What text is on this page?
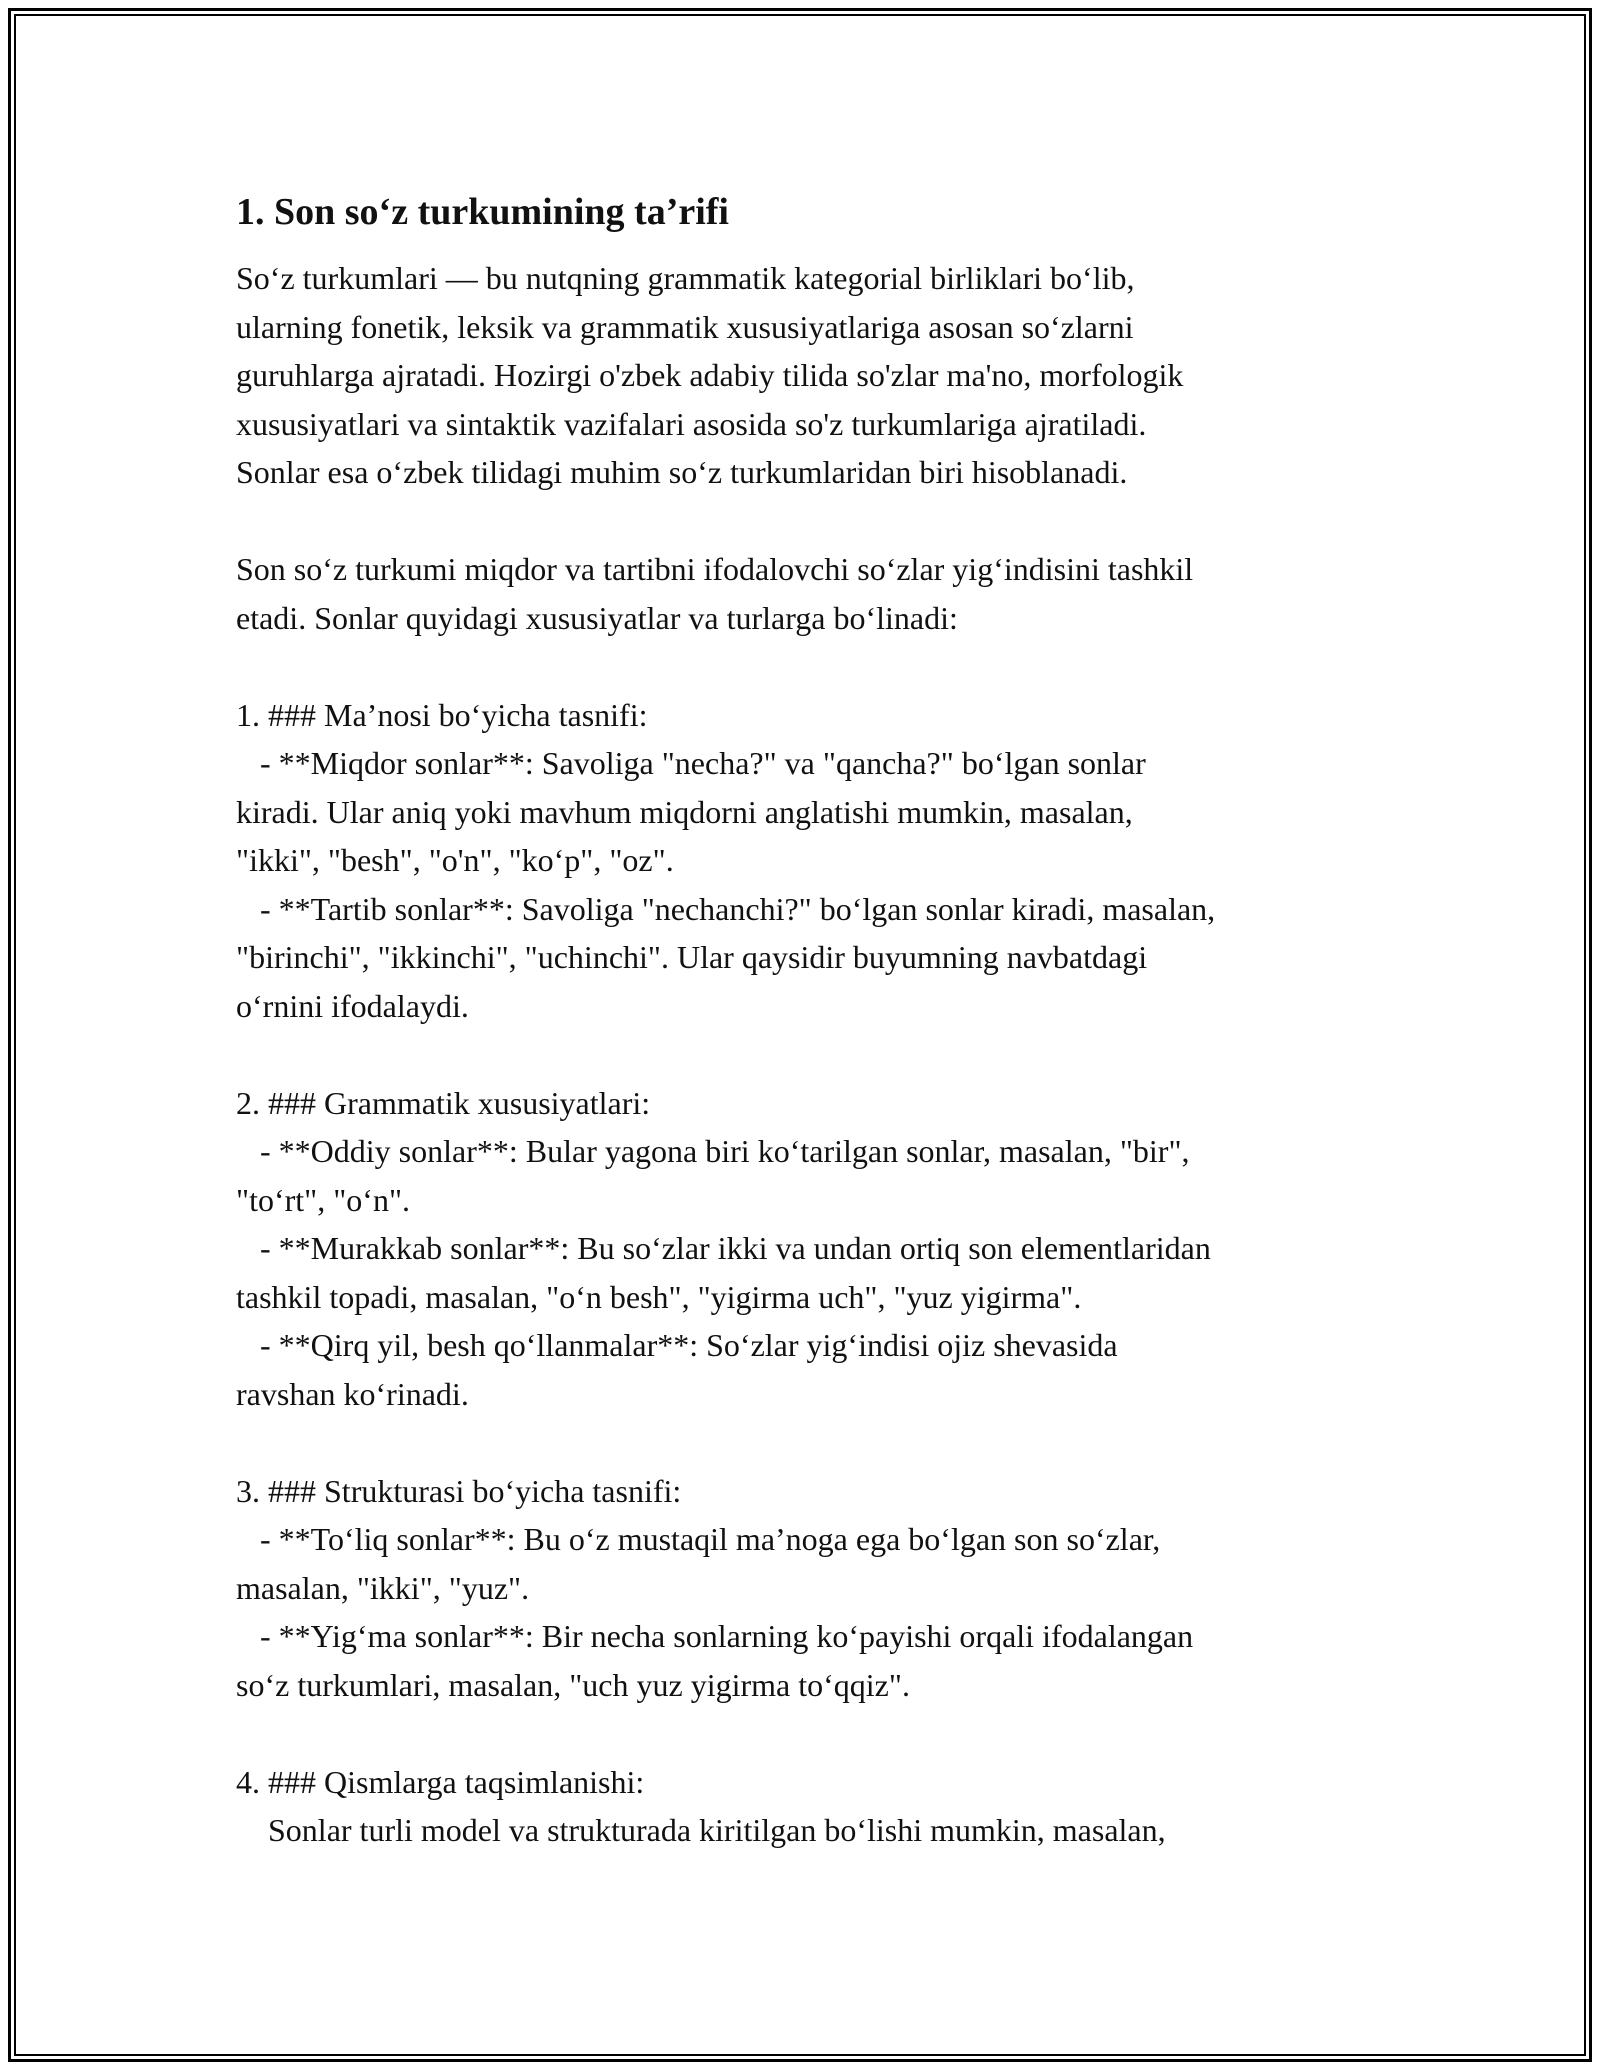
1. Son so‘z turkumining ta’rifi
So‘z turkumlari — bu nutqning grammatik kategorial birliklari bo‘lib,
ularning fonetik, leksik va grammatik xususiyatlariga asosan so‘zlarni
guruhlarga ajratadi. Hozirgi o'zbek adabiy tilida so'zlar ma'no, morfologik
xususiyatlari va sintaktik vazifalari asosida so'z turkumlariga ajratiladi.
Sonlar esa o‘zbek tilidagi muhim so‘z turkumlaridan biri hisoblanadi.
Son so‘z turkumi miqdor va tartibni ifodalovchi so‘zlar yig‘indisini tashkil
etadi. Sonlar quyidagi xususiyatlar va turlarga bo‘linadi:
1. ### Ma’nosi bo‘yicha tasnifi:
- **Miqdor sonlar**: Savoliga "necha?" va "qancha?" bo‘lgan sonlar
kiradi. Ular aniq yoki mavhum miqdorni anglatishi mumkin, masalan,
"ikki", "besh", "o'n", "ko‘p", "oz".
- **Tartib sonlar**: Savoliga "nechanchi?" bo‘lgan sonlar kiradi, masalan,
"birinchi", "ikkinchi", "uchinchi". Ular qaysidir buyumning navbatdagi
o‘rnini ifodalaydi.
2. ### Grammatik xususiyatlari:
- **Oddiy sonlar**: Bular yagona biri ko‘tarilgan sonlar, masalan, "bir",
"to‘rt", "o‘n".
- **Murakkab sonlar**: Bu so‘zlar ikki va undan ortiq son elementlaridan
tashkil topadi, masalan, "o‘n besh", "yigirma uch", "yuz yigirma".
- **Qirq yil, besh qo‘llanmalar**: So‘zlar yig‘indisi ojiz shevasida
ravshan ko‘rinadi.
3. ### Strukturasi bo‘yicha tasnifi:
- **To‘liq sonlar**: Bu o‘z mustaqil ma’noga ega bo‘lgan son so‘zlar,
masalan, "ikki", "yuz".
- **Yig‘ma sonlar**: Bir necha sonlarning ko‘payishi orqali ifodalangan
so‘z turkumlari, masalan, "uch yuz yigirma to‘qqiz".
4. ### Qismlarga taqsimlanishi:
Sonlar turli model va strukturada kiritilgan bo‘lishi mumkin, masalan,
